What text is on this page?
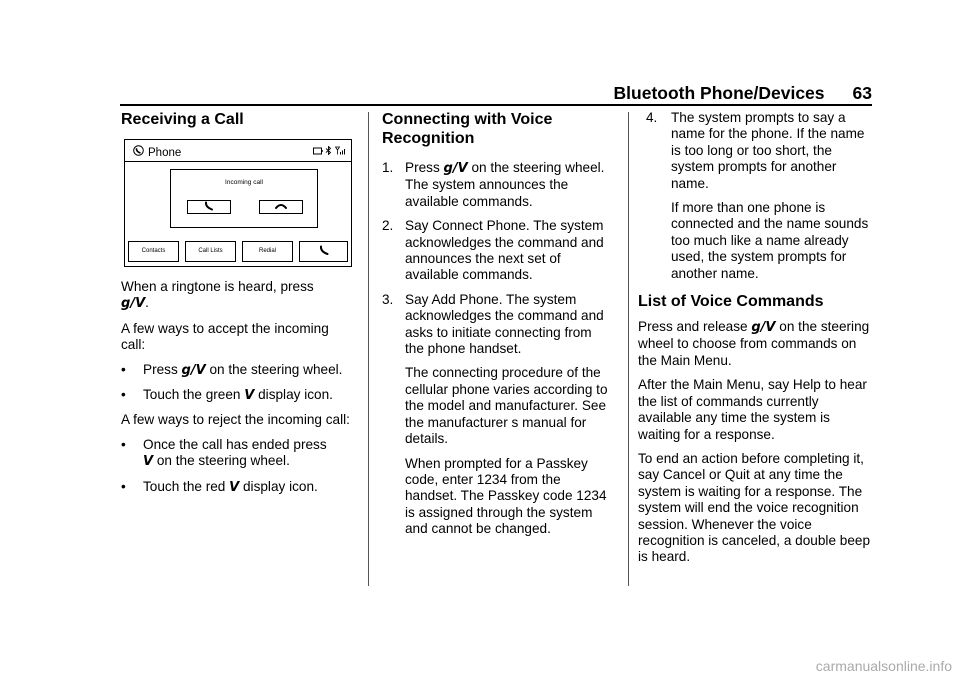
Bluetooth Phone/Devices 63
Receiving a Call
Phone

Incoming call
Contacts	Call Lists	Redial

When a ringtone is heard, press
g/V.

A few ways to accept the incoming call:

• Press g/V on the steering wheel.
• Touch the green V display icon.

A few ways to reject the incoming call:

• Once the call has ended press
V on the steering wheel.
• Touch the red V display icon.
Connecting with Voice Recognition
1. Press g/V on the steering wheel. The system announces the available commands.
2. Say Connect Phone. The system acknowledges the command and announces the next set of available commands.
3. Say Add Phone. The system acknowledges the command and asks to initiate connecting from the phone handset.
The connecting procedure of the cellular phone varies according to the model and manufacturer. See the manufacturer s manual for details.
When prompted for a Passkey code, enter 1234 from the handset. The Passkey code 1234 is assigned through the system and cannot be changed.
4. The system prompts to say a name for the phone. If the name is too long or too short, the system prompts for another name.
If more than one phone is connected and the name sounds too much like a name already used, the system prompts for another name.
List of Voice Commands

Press and release g/V on the steering wheel to choose from commands on the Main Menu.

After the Main Menu, say Help to hear the list of commands currently available any time the system is waiting for a response.

To end an action before completing it, say Cancel or Quit at any time the system is waiting for a response. The system will end the voice recognition session. Whenever the voice recognition is canceled, a double beep is heard.

carmanualsonline.info
